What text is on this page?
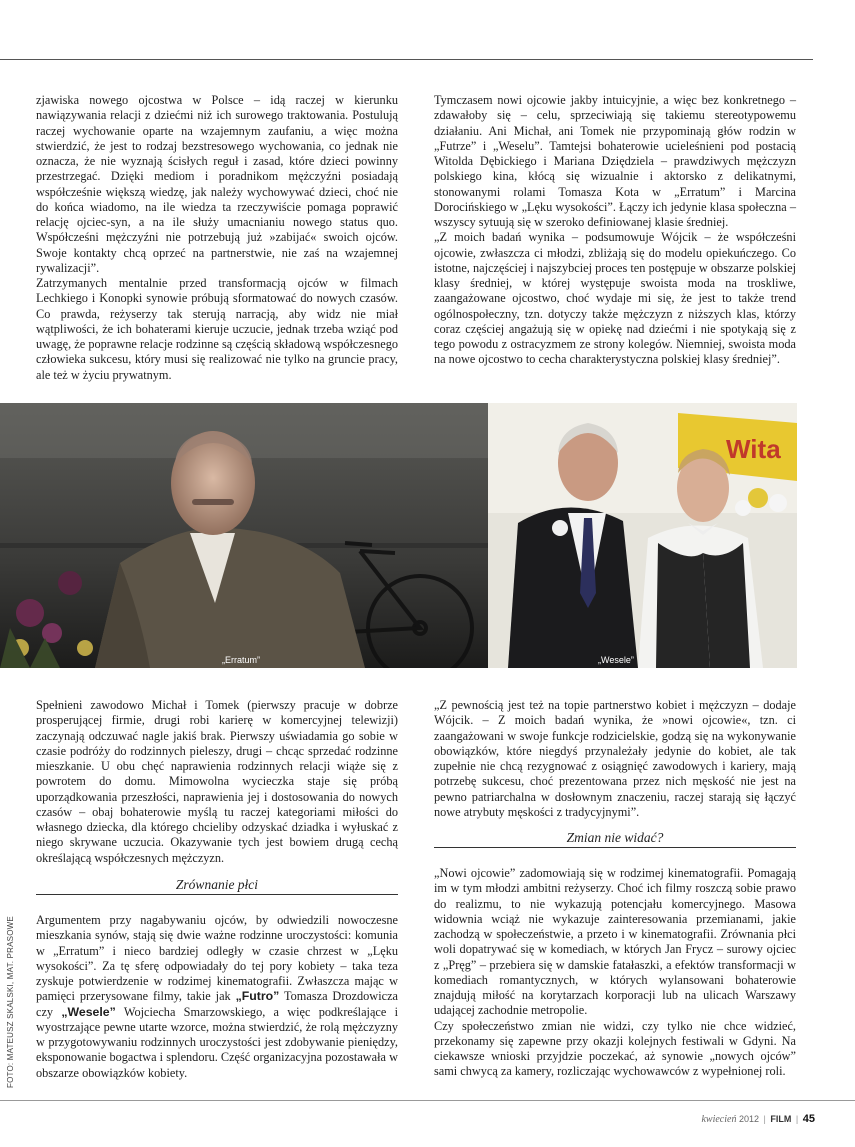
zjawiska nowego ojcostwa w Polsce – idą raczej w kierunku nawiązywania relacji z dziećmi niż ich surowego traktowania. Postulują raczej wychowanie oparte na wzajemnym zaufaniu, a więc można stwierdzić, że jest to rodzaj bezstresowego wychowania, co jednak nie oznacza, że nie wyznają ścisłych reguł i zasad, które dzieci powinny przestrzegać. Dzięki mediom i poradnikom mężczyźni posiadają współcześnie większą wiedzę, jak należy wychowywać dzieci, choć nie do końca wiadomo, na ile wiedza ta rzeczywiście pomaga poprawić relację ojciec-syn, a na ile służy umacnianiu nowego status quo. Współcześni mężczyźni nie potrzebują już »zabijać« swoich ojców. Swoje kontakty chcą oprzeć na partnerstwie, nie zaś na wzajemnej rywalizacji”.

Zatrzymanych mentalnie przed transformacją ojców w filmach Lechkiego i Konopki synowie próbują sformatować do nowych czasów. Co prawda, reżyserzy tak sterują narracją, aby widz nie miał wątpliwości, że ich bohaterami kieruje uczucie, jednak trzeba wziąć pod uwagę, że poprawne relacje rodzinne są częścią składową współczesnego człowieka sukcesu, który musi się realizować nie tylko na gruncie pracy, ale też w życiu prywatnym.

Tymczasem nowi ojcowie jakby intuicyjnie, a więc bez konkretnego – zdawałoby się – celu, sprzeciwiają się takiemu stereotypowemu działaniu. Ani Michał, ani Tomek nie przypominają głów rodzin w „Futrze” i „Weselu”. Tamtejsi bohaterowie ucieleśnieni pod postacią Witolda Dębickiego i Mariana Dziędziela – prawdziwych mężczyzn polskiego kina, kłócą się wizualnie i aktorsko z delikatnymi, stonowanymi rolami Tomasza Kota w „Erratum” i Marcina Dorocińskiego w „Lęku wysokości”. Łączy ich jedynie klasa społeczna – wszyscy sytuują się w szeroko definiowanej klasie średniej.

„Z moich badań wynika – podsumowuje Wójcik – że współcześni ojcowie, zwłaszcza ci młodzi, zbliżają się do modelu opiekuńczego. Co istotne, najczęściej i najszybciej proces ten postępuje w obszarze polskiej klasy średniej, w której występuje swoista moda na troskliwe, zaangażowane ojcostwo, choć wydaje mi się, że jest to także trend ogólnospołeczny, tzn. dotyczy także mężczyzn z niższych klas, którzy coraz częściej angażują się w opiekę nad dziećmi i nie spotykają się z tego powodu z ostracyzmem ze strony kolegów. Niemniej, swoista moda na nowe ojcostwo to cecha charakterystyczna polskiej klasy średniej”.

Wita
„Erratum”	„Wesele”

Spełnieni zawodowo Michał i Tomek (pierwszy pracuje w dobrze prosperującej firmie, drugi robi karierę w komercyjnej telewizji) zaczynają odczuwać nagle jakiś brak. Pierwszy uświadamia go sobie w czasie podróży do rodzinnych pieleszy, drugi – chcąc sprzedać rodzinne mieszkanie. U obu chęć naprawienia rodzinnych relacji wiąże się z powrotem do domu. Mimowolna wycieczka staje się próbą uporządkowania przeszłości, naprawienia jej i dostosowania do nowych czasów – obaj bohaterowie myślą tu raczej kategoriami miłości do własnego dziecka, dla którego chcieliby odzyskać dziadka i wyłuskać z niego skrywane uczucia. Okazywanie tych jest bowiem drugą cechą określającą współczesnych mężczyzn.

Zrównanie płci

Argumentem przy nagabywaniu ojców, by odwiedzili nowoczesne mieszkania synów, stają się dwie ważne rodzinne uroczystości: komunia w „Erratum” i nieco bardziej odległy w czasie chrzest w „Lęku wysokości”. Za tę sferę odpowiadały do tej pory kobiety – taka teza zyskuje potwierdzenie w rodzimej kinematografii. Zwłaszcza mając w pamięci przerysowane filmy, takie jak „Futro” Tomasza Drozdowicza czy „Wesele” Wojciecha Smarzowskiego, a więc podkreślające i wyostrzające pewne utarte wzorce, można stwierdzić, że rolą mężczyzny w przygotowywaniu rodzinnych uroczystości jest zdobywanie pieniędzy, eksponowanie bogactwa i splendoru. Część organizacyjna pozostawała w obszarze obowiązków kobiety.

„Z pewnością jest też na topie partnerstwo kobiet i mężczyzn – dodaje Wójcik. – Z moich badań wynika, że »nowi ojcowie«, tzn. ci zaangażowani w swoje funkcje rodzicielskie, godzą się na wykonywanie obowiązków, które niegdyś przynależały jedynie do kobiet, ale tak zupełnie nie chcą rezygnować z osiągnięć zawodowych i kariery, mają potrzebę sukcesu, choć prezentowana przez nich męskość nie jest na pewno patriarchalna w dosłownym znaczeniu, raczej starają się łączyć nowe atrybuty męskości z tradycyjnymi”.

Zmian nie widać?

„Nowi ojcowie” zadomowiają się w rodzimej kinematografii. Pomagają im w tym młodzi ambitni reżyserzy. Choć ich filmy roszczą sobie prawo do realizmu, to nie wykazują potencjału komercyjnego. Masowa widownia wciąż nie wykazuje zainteresowania przemianami, jakie zachodzą w społeczeństwie, a przeto i w kinematografii. Zrównania płci woli dopatrywać się w komediach, w których Jan Frycz – surowy ojciec z „Pręg” – przebiera się w damskie fatałaszki, a efektów transformacji w komediach romantycznych, w których wylansowani bohaterowie znajdują miłość na korytarzach korporacji lub na ulicach Warszawy udającej zachodnie metropolie.

Czy społeczeństwo zmian nie widzi, czy tylko nie chce widzieć, przekonamy się zapewne przy okazji kolejnych festiwali w Gdyni. Na ciekawsze wnioski przyjdzie poczekać, aż synowie „nowych ojców” sami chwycą za kamery, rozliczając wychowawców z wypełnionej roli.

FOTO: MATEUSZ SKALSKI, MAT. PRASOWE
kwiecień 2012 | FILM | 45
